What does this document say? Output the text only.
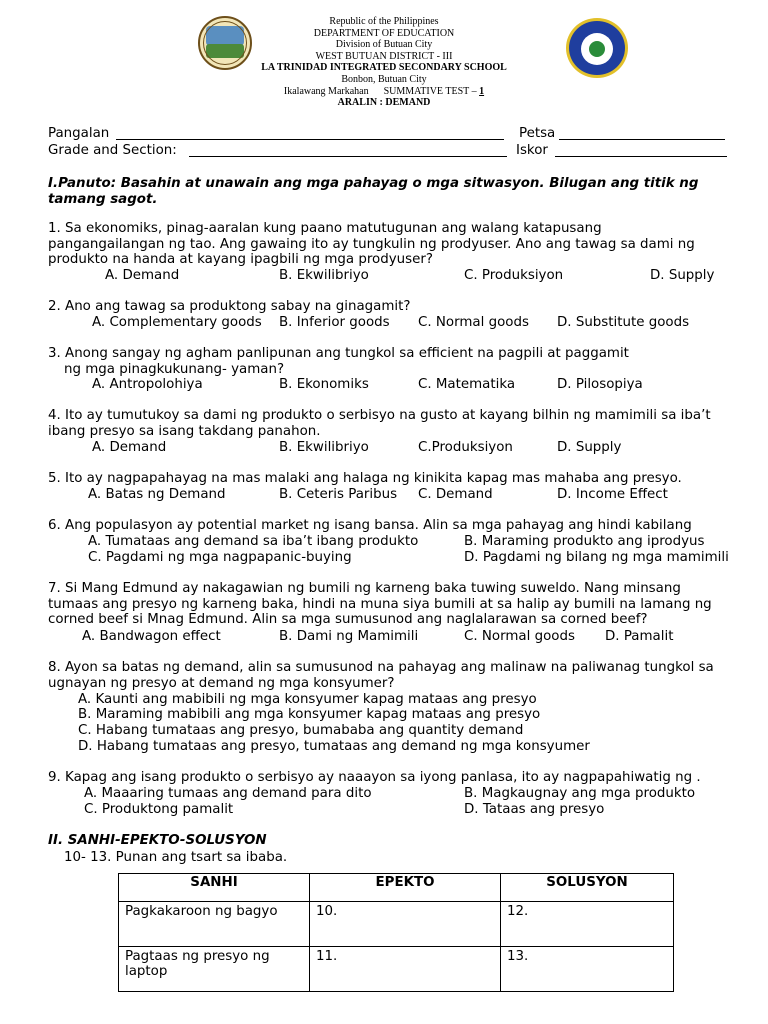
Republic of the Philippines
DEPARTMENT OF EDUCATION
Division of Butuan City
WEST BUTUAN DISTRICT - III
LA TRINIDAD INTEGRATED SECONDARY SCHOOL
Bonbon, Butuan City
Ikalawang Markahan SUMMATIVE TEST – 1
ARALIN : DEMAND
Pangalan	Petsa
Grade and Section:	Iskor
I.Panuto: Basahin at unawain ang mga pahayag o mga sitwasyon. Bilugan ang titik ng tamang sagot.
1. Sa ekonomiks, pinag-aaralan kung paano matutugunan ang walang katapusang
pangangailangan ng tao. Ang gawaing ito ay tungkulin ng prodyuser. Ano ang tawag sa dami ng
produkto na handa at kayang ipagbili ng mga prodyuser?
A. Demand	B. Ekwilibriyo	C. Produksiyon	D. Supply
2. Ano ang tawag sa produktong sabay na ginagamit?
A. Complementary goods B. Inferior goods C. Normal goods D. Substitute goods
3. Anong sangay ng agham panlipunan ang tungkol sa efficient na pagpili at paggamit
ng mga pinagkukunang- yaman?
A. Antropolohiya	B. Ekonomiks	C. Matematika	D. Pilosopiya
4. Ito ay tumutukoy sa dami ng produkto o serbisyo na gusto at kayang bilhin ng mamimili sa iba’t
ibang presyo sa isang takdang panahon.
A. Demand	B. Ekwilibriyo	C.Produksiyon	D. Supply
5. Ito ay nagpapahayag na mas malaki ang halaga ng kinikita kapag mas mahaba ang presyo.
A. Batas ng Demand	B. Ceteris Paribus C. Demand	D. Income Effect
6. Ang populasyon ay potential market ng isang bansa. Alin sa mga pahayag ang hindi kabilang
A. Tumataas ang demand sa iba’t ibang produkto	B. Maraming produkto ang iprodyus
C. Pagdami ng mga nagpapanic-buying	D. Pagdami ng bilang ng mga mamimili
7. Si Mang Edmund ay nakagawian ng bumili ng karneng baka tuwing suweldo. Nang minsang
tumaas ang presyo ng karneng baka, hindi na muna siya bumili at sa halip ay bumili na lamang ng
corned beef si Mnag Edmund. Alin sa mga sumusunod ang naglalarawan sa corned beef?
A. Bandwagon effect	B. Dami ng Mamimili	C. Normal goods D. Pamalit
8. Ayon sa batas ng demand, alin sa sumusunod na pahayag ang malinaw na paliwanag tungkol sa
ugnayan ng presyo at demand ng mga konsyumer?
A. Kaunti ang mabibili ng mga konsyumer kapag mataas ang presyo
B. Maraming mabibili ang mga konsyumer kapag mataas ang presyo
C. Habang tumataas ang presyo, bumababa ang quantity demand
D. Habang tumataas ang presyo, tumataas ang demand ng mga konsyumer
9. Kapag ang isang produkto o serbisyo ay naaayon sa iyong panlasa, ito ay nagpapahiwatig ng .
A. Maaaring tumaas ang demand para dito	B. Magkaugnay ang mga produkto
C. Produktong pamalit	D. Tataas ang presyo
II. SANHI-EPEKTO-SOLUSYON
10- 13. Punan ang tsart sa ibaba.
SANHI	EPEKTO	SOLUSYON
Pagkakaroon ng bagyo	10.	12.
Pagtaas ng presyo ng laptop	11.	13.
